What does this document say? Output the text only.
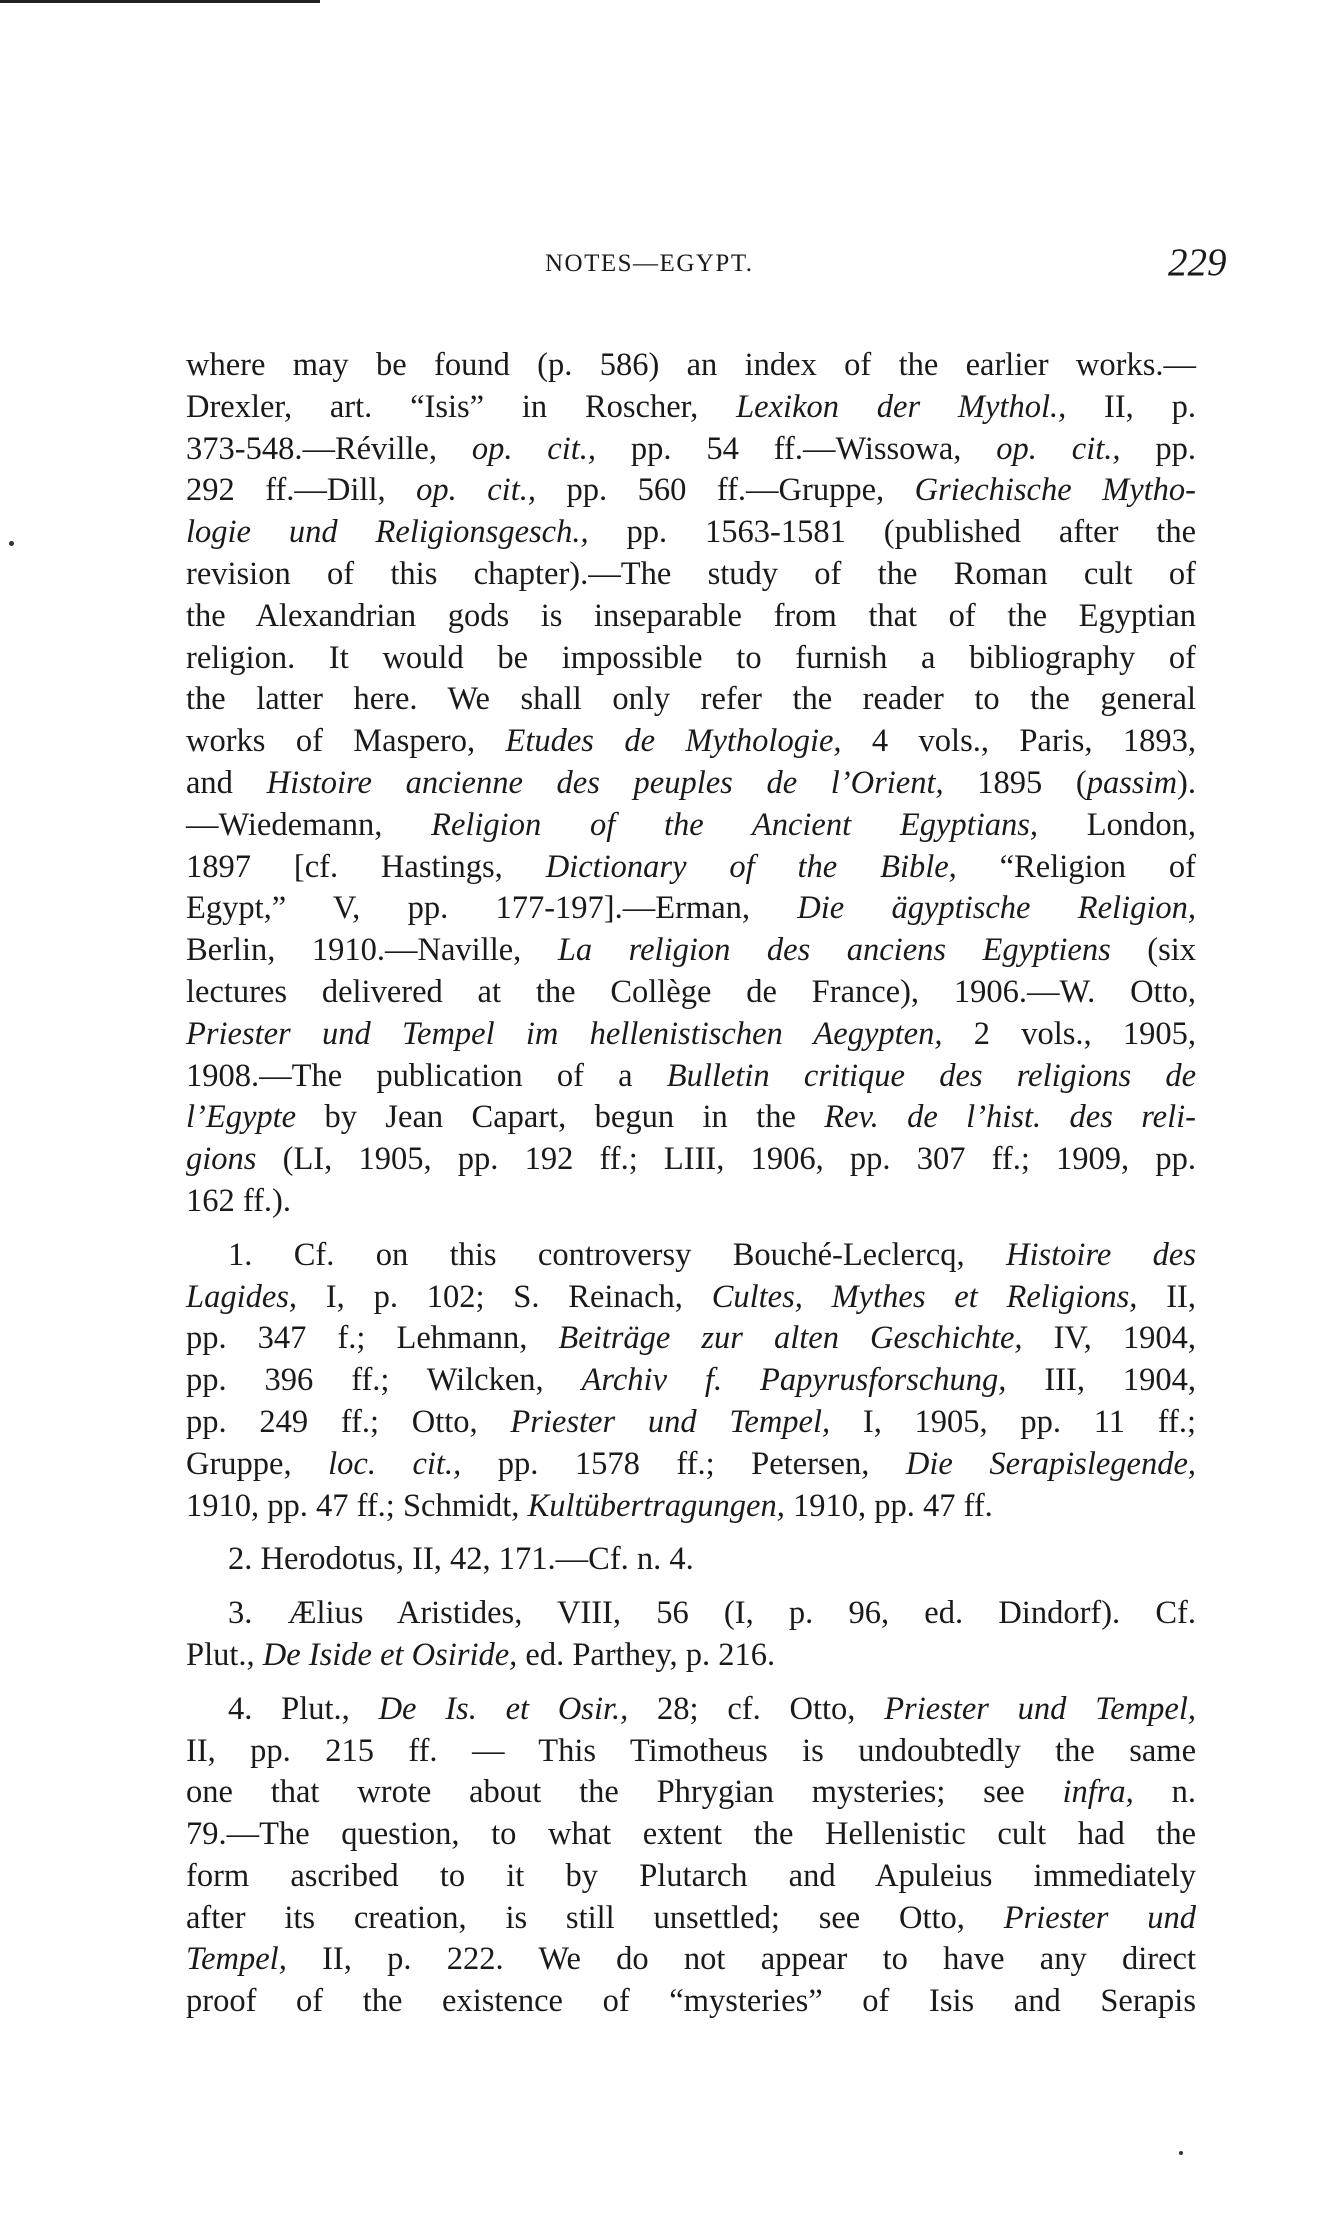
NOTES—EGYPT.	229
where may be found (p. 586) an index of the earlier works.—
Drexler, art. “Isis” in Roscher, Lexikon der Mythol., II, p.
373-548.—Réville, op. cit., pp. 54 ff.—Wissowa, op. cit., pp.
292 ff.—Dill, op. cit., pp. 560 ff.—Gruppe, Griechische Mytho-
logie und Religionsgesch., pp. 1563-1581 (published after the
revision of this chapter).—The study of the Roman cult of
the Alexandrian gods is inseparable from that of the Egyptian
religion. It would be impossible to furnish a bibliography of
the latter here. We shall only refer the reader to the general
works of Maspero, Etudes de Mythologie, 4 vols., Paris, 1893,
and Histoire ancienne des peuples de l’Orient, 1895 (passim).
—Wiedemann, Religion of the Ancient Egyptians, London,
1897 [cf. Hastings, Dictionary of the Bible, “Religion of
Egypt,” V, pp. 177-197].—Erman, Die ägyptische Religion,
Berlin, 1910.—Naville, La religion des anciens Egyptiens (six
lectures delivered at the Collège de France), 1906.—W. Otto,
Priester und Tempel im hellenistischen Aegypten, 2 vols., 1905,
1908.—The publication of a Bulletin critique des religions de
l’Egypte by Jean Capart, begun in the Rev. de l’hist. des reli-
gions (LI, 1905, pp. 192 ff.; LIII, 1906, pp. 307 ff.; 1909, pp.
162 ff.).
1. Cf. on this controversy Bouché-Leclercq, Histoire des
Lagides, I, p. 102; S. Reinach, Cultes, Mythes et Religions, II,
pp. 347 f.; Lehmann, Beiträge zur alten Geschichte, IV, 1904,
pp. 396 ff.; Wilcken, Archiv f. Papyrusforschung, III, 1904,
pp. 249 ff.; Otto, Priester und Tempel, I, 1905, pp. 11 ff.;
Gruppe, loc. cit., pp. 1578 ff.; Petersen, Die Serapislegende,
1910, pp. 47 ff.; Schmidt, Kultübertragungen, 1910, pp. 47 ff.
2. Herodotus, II, 42, 171.—Cf. n. 4.
3. Ælius Aristides, VIII, 56 (I, p. 96, ed. Dindorf). Cf.
Plut., De Iside et Osiride, ed. Parthey, p. 216.
4. Plut., De Is. et Osir., 28; cf. Otto, Priester und Tempel,
II, pp. 215 ff. — This Timotheus is undoubtedly the same
one that wrote about the Phrygian mysteries; see infra, n.
79.—The question, to what extent the Hellenistic cult had the
form ascribed to it by Plutarch and Apuleius immediately
after its creation, is still unsettled; see Otto, Priester und
Tempel, II, p. 222. We do not appear to have any direct
proof of the existence of “mysteries” of Isis and Serapis
